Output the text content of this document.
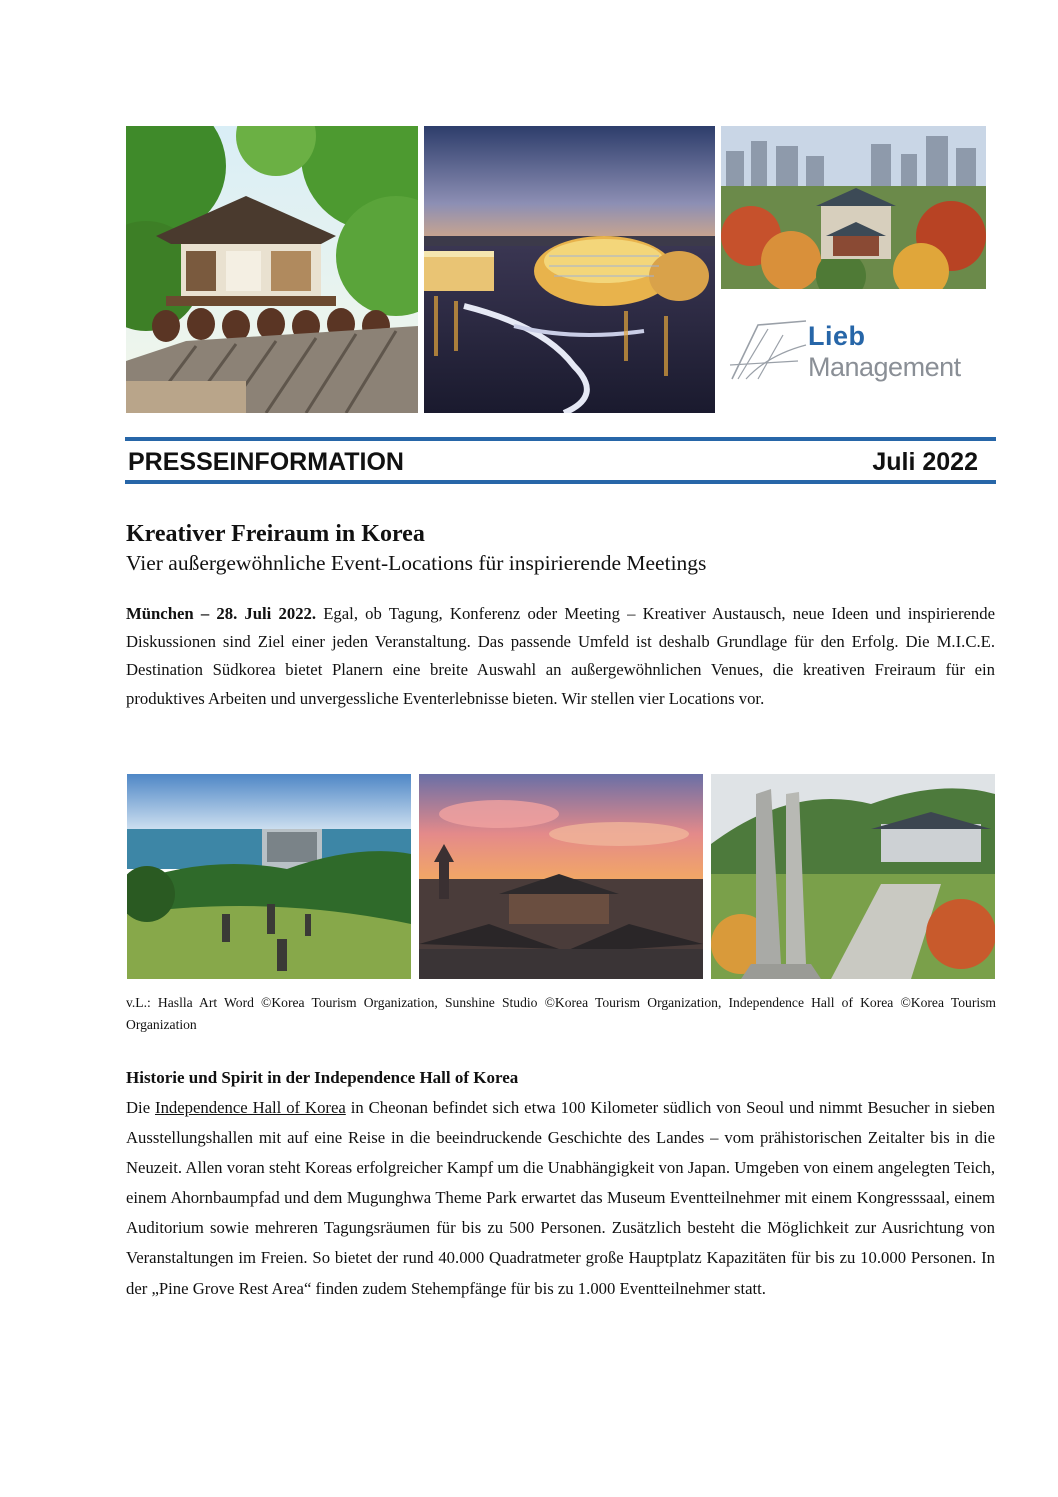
Lieb
Management
PRESSEINFORMATION	Juli 2022
Kreativer Freiraum in Korea
Vier außergewöhnliche Event-Locations für inspirierende Meetings

München – 28. Juli 2022. Egal, ob Tagung, Konferenz oder Meeting – Kreativer Austausch, neue Ideen und inspirierende Diskussionen sind Ziel einer jeden Veranstaltung. Das passende Umfeld ist deshalb Grundlage für den Erfolg. Die M.I.C.E. Destination Südkorea bietet Planern eine breite Auswahl an außergewöhnlichen Venues, die kreativen Freiraum für ein produktives Arbeiten und unvergessliche Eventerlebnisse bieten. Wir stellen vier Locations vor.

v.L.: Haslla Art Word ©Korea Tourism Organization, Sunshine Studio ©Korea Tourism Organization, Independence Hall of Korea ©Korea Tourism Organization

Historie und Spirit in der Independence Hall of Korea

Die Independence Hall of Korea in Cheonan befindet sich etwa 100 Kilometer südlich von Seoul und nimmt Besucher in sieben Ausstellungshallen mit auf eine Reise in die beeindruckende Geschichte des Landes – vom prähistorischen Zeitalter bis in die Neuzeit. Allen voran steht Koreas erfolgreicher Kampf um die Unabhängigkeit von Japan. Umgeben von einem angelegten Teich, einem Ahornbaumpfad und dem Mugunghwa Theme Park erwartet das Museum Eventteilnehmer mit einem Kongresssaal, einem Auditorium sowie mehreren Tagungsräumen für bis zu 500 Personen. Zusätzlich besteht die Möglichkeit zur Ausrichtung von Veranstaltungen im Freien. So bietet der rund 40.000 Quadratmeter große Hauptplatz Kapazitäten für bis zu 10.000 Personen. In der „Pine Grove Rest Area“ finden zudem Stehempfänge für bis zu 1.000 Eventteilnehmer statt.
